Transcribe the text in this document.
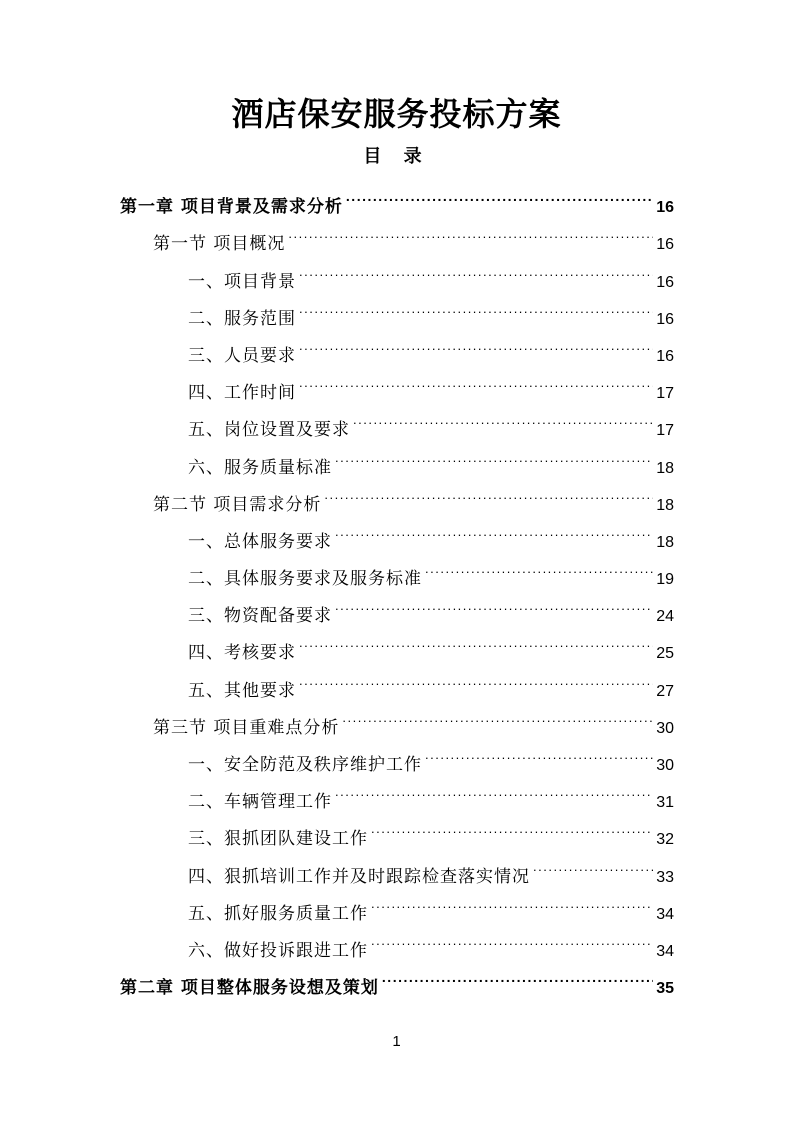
酒店保安服务投标方案
目 录
第一章 项目背景及需求分析 .....	16
第一节 项目概况 .....	16
一、项目背景 .....	16
二、服务范围 .....	16
三、人员要求 .....	16
四、工作时间 .....	17
五、岗位设置及要求 .....	17
六、服务质量标准 .....	18
第二节 项目需求分析 .....	18
一、总体服务要求 .....	18
二、具体服务要求及服务标准 .....	19
三、物资配备要求 .....	24
四、考核要求 .....	25
五、其他要求 .....	27
第三节 项目重难点分析 .....	30
一、安全防范及秩序维护工作 .....	30
二、车辆管理工作 .....	31
三、狠抓团队建设工作 .....	32
四、狠抓培训工作并及时跟踪检查落实情况 .....	33
五、抓好服务质量工作 .....	34
六、做好投诉跟进工作 .....	34
第二章 项目整体服务设想及策划 .....	35
1
